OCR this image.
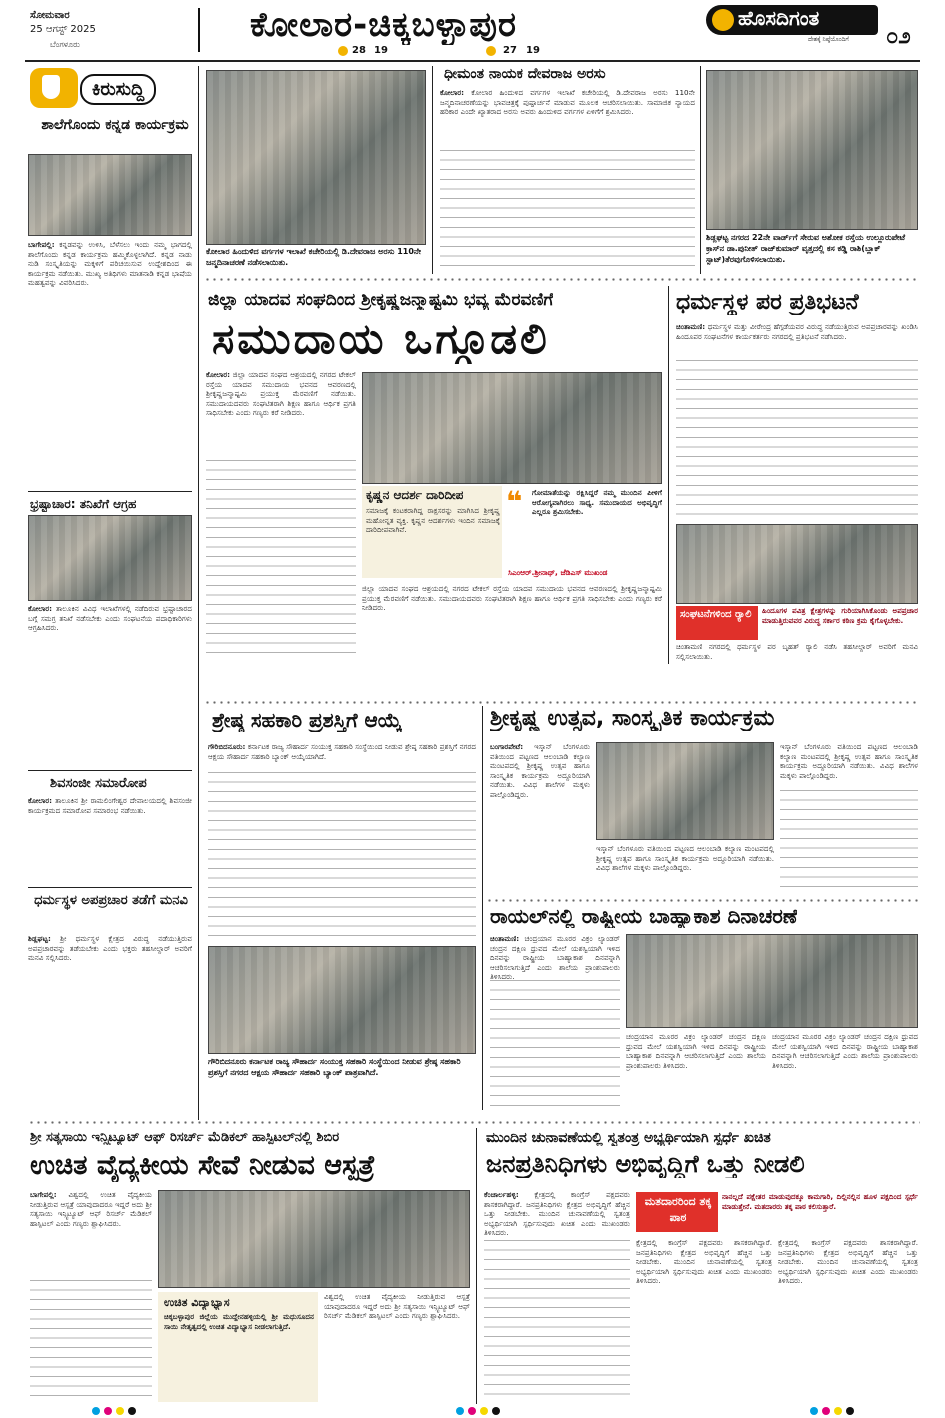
ಸೋಮವಾರ
25 ಆಗಸ್ಟ್ 2025
ಬೆಂಗಳೂರು	ಕೋಲಾರ-ಚಿಕ್ಕಬಳ್ಳಾಪುರ
28 19	27 19
ಹೊಸದಿಗಂತ
ದೇಶಕ್ಕೆ ನಿಷ್ಠೆಯೊಂದಿಗೆ ೦೨
ಕಿರುಸುದ್ದಿ
ಶಾಲೆಗೊಂದು ಕನ್ನಡ ಕಾರ್ಯಕ್ರಮ
ಬಾಗೇಪಲ್ಲಿ: ಕನ್ನಡವನ್ನು ಉಳಿಸಿ, ಬೆಳೆಸಲು ಇಂದು ನಮ್ಮ ಭಾಗದಲ್ಲಿ ಶಾಲೆಗೊಂದು ಕನ್ನಡ ಕಾರ್ಯಕ್ರಮ ಹಮ್ಮಿಕೊಳ್ಳಲಾಗಿದೆ. ಕನ್ನಡ ನಾಡು ನುಡಿ ಸಂಸ್ಕೃತಿಯನ್ನು ಮಕ್ಕಳಿಗೆ ಪರಿಚಯಿಸುವ ಉದ್ದೇಶದಿಂದ ಈ ಕಾರ್ಯಕ್ರಮ ನಡೆಯಿತು. ಮುಖ್ಯ ಅತಿಥಿಗಳು ಮಾತನಾಡಿ ಕನ್ನಡ ಭಾಷೆಯ ಮಹತ್ವವನ್ನು ವಿವರಿಸಿದರು.
ಭ್ರಷ್ಟಾಚಾರ: ತನಿಖೆಗೆ ಆಗ್ರಹ
ಕೋಲಾರ: ತಾಲೂಕಿನ ವಿವಿಧ ಇಲಾಖೆಗಳಲ್ಲಿ ನಡೆದಿರುವ ಭ್ರಷ್ಟಾಚಾರದ ಬಗ್ಗೆ ಸಮಗ್ರ ತನಿಖೆ ನಡೆಸಬೇಕು ಎಂದು ಸಂಘಟನೆಯ ಪದಾಧಿಕಾರಿಗಳು ಆಗ್ರಹಿಸಿದರು.
ಶಿವಸಂಜೀ ಸಮಾರೋಪ
ಕೋಲಾರ: ತಾಲೂಕಿನ ಶ್ರೀ ರಾಮಲಿಂಗೇಶ್ವರ ದೇವಾಲಯದಲ್ಲಿ ಶಿವಸಂಜೀ ಕಾರ್ಯಕ್ರಮದ ಸಮಾರೋಪ ಸಮಾರಂಭ ನಡೆಯಿತು.
ಧರ್ಮಸ್ಥಳ ಅಪಪ್ರಚಾರ ತಡೆಗೆ ಮನವಿ
ಶಿಡ್ಲಘಟ್ಟ: ಶ್ರೀ ಧರ್ಮಸ್ಥಳ ಕ್ಷೇತ್ರದ ವಿರುದ್ಧ ನಡೆಯುತ್ತಿರುವ ಅಪಪ್ರಚಾರವನ್ನು ತಡೆಯಬೇಕು ಎಂದು ಭಕ್ತರು ತಹಸೀಲ್ದಾರ್ ಅವರಿಗೆ ಮನವಿ ಸಲ್ಲಿಸಿದರು.
ಕೋಲಾರ ಹಿಂದುಳಿದ ವರ್ಗಗಳ ಇಲಾಖೆ ಕಚೇರಿಯಲ್ಲಿ ಡಿ.ದೇವರಾಜ ಅರಸು 110ನೇ ಜನ್ಮದಿನಾಚರಣೆ ನಡೆಸಲಾಯಿತು.
ಧೀಮಂತ ನಾಯಕ ದೇವರಾಜ ಅರಸು
ಕೋಲಾರ: ಕೋಲಾರ ಹಿಂದುಳಿದ ವರ್ಗಗಳ ಇಲಾಖೆ ಕಚೇರಿಯಲ್ಲಿ ಡಿ.ದೇವರಾಜ ಅರಸು 110ನೇ ಜನ್ಮದಿನಾಚರಣೆಯನ್ನು ಭಾವಚಿತ್ರಕ್ಕೆ ಪುಷ್ಪಾರ್ಚನೆ ಮಾಡುವ ಮೂಲಕ ಆಚರಿಸಲಾಯಿತು. ಸಾಮಾಜಿಕ ನ್ಯಾಯದ ಹರಿಕಾರ ಎಂದೇ ಖ್ಯಾತರಾದ ಅರಸು ಅವರು ಹಿಂದುಳಿದ ವರ್ಗಗಳ ಏಳಿಗೆಗೆ ಶ್ರಮಿಸಿದರು.
ಶಿಡ್ಲಘಟ್ಟ ನಗರದ 22ನೇ ವಾರ್ಡ್‌ಗೆ ಸೇರುವ ಅಶೋಕ ರಸ್ತೆಯ ಉಲ್ಲೂರುಪೇಟೆ ಕ್ರಾಸ್‌ನ ಡಾ.ಪುನೀತ್ ರಾಜ್‌ಕುಮಾರ್ ವೃತ್ತದಲ್ಲಿ ಕಸ ಕಡ್ಡಿ ರಾಶಿ(ಬ್ಲಾಕ್ ಸ್ಪಾಟ್)ತೆರವುಗೊಳಿಸಲಾಯಿತು.
ಜಿಲ್ಲಾ ಯಾದವ ಸಂಘದಿಂದ ಶ್ರೀಕೃಷ್ಣಜನ್ಮಾಷ್ಟಮಿ ಭವ್ಯ ಮೆರವಣಿಗೆ
ಸಮುದಾಯ ಒಗ್ಗೂಡಲಿ
ಕೋಲಾರ: ಜಿಲ್ಲಾ ಯಾದವ ಸಂಘದ ಆಶ್ರಯದಲ್ಲಿ ನಗರದ ಟೇಕಲ್ ರಸ್ತೆಯ ಯಾದವ ಸಮುದಾಯ ಭವನದ ಆವರಣದಲ್ಲಿ ಶ್ರೀಕೃಷ್ಣಜನ್ಮಾಷ್ಟಮಿ ಪ್ರಯುಕ್ತ ಮೆರವಣಿಗೆ ನಡೆಯಿತು. ಸಮುದಾಯದವರು ಸಂಘಟಿತರಾಗಿ ಶಿಕ್ಷಣ ಹಾಗೂ ಆರ್ಥಿಕ ಪ್ರಗತಿ ಸಾಧಿಸಬೇಕು ಎಂದು ಗಣ್ಯರು ಕರೆ ನೀಡಿದರು.
ಕೃಷ್ಣನ ಆದರ್ಶ ದಾರಿದೀಪ
ಸಮಾಜಕ್ಕೆ ಕಂಟಕರಾಗಿದ್ದ ರಾಕ್ಷಸರನ್ನು ಮಾಗಿಸಿದ ಶ್ರೀಕೃಷ್ಣ ಮಹೋನ್ನತ ವ್ಯಕ್ತಿ. ಕೃಷ್ಣನ ಆದರ್ಶಗಳು ಇಂದಿನ ಸಮಾಜಕ್ಕೆ ದಾರಿದೀಪವಾಗಿವೆ.
❝ ಗೋಮಾತೆಯನ್ನು ರಕ್ಷಿಸಿದ್ದರೆ ನಮ್ಮ ಮುಂದಿನ ಪೀಳಿಗೆ ಆರೋಗ್ಯವಾಗಿರಲು ಸಾಧ್ಯ. ಸಮುದಾಯದ ಅಭಿವೃದ್ಧಿಗೆ ಎಲ್ಲರೂ ಶ್ರಮಿಸಬೇಕು.
ಸಿಎಂಆರ್.ಶ್ರೀನಾಥ್, ಜೆಡಿಎಸ್ ಮುಖಂಡ
ಜಿಲ್ಲಾ ಯಾದವ ಸಂಘದ ಆಶ್ರಯದಲ್ಲಿ ನಗರದ ಟೇಕಲ್ ರಸ್ತೆಯ ಯಾದವ ಸಮುದಾಯ ಭವನದ ಆವರಣದಲ್ಲಿ ಶ್ರೀಕೃಷ್ಣಜನ್ಮಾಷ್ಟಮಿ ಪ್ರಯುಕ್ತ ಮೆರವಣಿಗೆ ನಡೆಯಿತು. ಸಮುದಾಯದವರು ಸಂಘಟಿತರಾಗಿ ಶಿಕ್ಷಣ ಹಾಗೂ ಆರ್ಥಿಕ ಪ್ರಗತಿ ಸಾಧಿಸಬೇಕು ಎಂದು ಗಣ್ಯರು ಕರೆ ನೀಡಿದರು.
ಧರ್ಮಸ್ಥಳ ಪರ ಪ್ರತಿಭಟನೆ
ಚಿಂತಾಮಣಿ: ಧರ್ಮಸ್ಥಳ ಮತ್ತು ವೀರೇಂದ್ರ ಹೆಗ್ಗಡೆಯವರ ವಿರುದ್ಧ ನಡೆಯುತ್ತಿರುವ ಅಪಪ್ರಚಾರವನ್ನು ಖಂಡಿಸಿ ಹಿಂದೂಪರ ಸಂಘಟನೆಗಳ ಕಾರ್ಯಕರ್ತರು ನಗರದಲ್ಲಿ ಪ್ರತಿಭಟನೆ ನಡೆಸಿದರು.
ಸಂಘಟನೆಗಳಿಂದ ರ್‍ಯಾಲಿ	ಹಿಂದೂಗಳ ಪವಿತ್ರ ಕ್ಷೇತ್ರಗಳನ್ನು ಗುರಿಯಾಗಿಸಿಕೊಂಡು ಅಪಪ್ರಚಾರ ಮಾಡುತ್ತಿರುವವರ ವಿರುದ್ಧ ಸರ್ಕಾರ ಕಠಿಣ ಕ್ರಮ ಕೈಗೊಳ್ಳಬೇಕು.
ಚಿಂತಾಮಣಿ ನಗರದಲ್ಲಿ ಧರ್ಮಸ್ಥಳ ಪರ ಬೃಹತ್ ರ್‍ಯಾಲಿ ನಡೆಸಿ ತಹಸೀಲ್ದಾರ್ ಅವರಿಗೆ ಮನವಿ ಸಲ್ಲಿಸಲಾಯಿತು.
ಶ್ರೇಷ್ಠ ಸಹಕಾರಿ ಪ್ರಶಸ್ತಿಗೆ ಆಯ್ಕೆ
ಗೌರಿಬಿದನೂರು: ಕರ್ನಾಟಕ ರಾಜ್ಯ ಸೌಹಾರ್ದ ಸಂಯುಕ್ತ ಸಹಕಾರಿ ಸಂಸ್ಥೆಯಿಂದ ನೀಡುವ ಶ್ರೇಷ್ಠ ಸಹಕಾರಿ ಪ್ರಶಸ್ತಿಗೆ ನಗರದ ಆಕ್ಷಯ ಸೌಹಾರ್ದ ಸಹಕಾರಿ ಬ್ಯಾಂಕ್ ಆಯ್ಕೆಯಾಗಿದೆ.
ಗೌರಿಬಿದನೂರು ಕರ್ನಾಟಕ ರಾಜ್ಯ ಸೌಹಾರ್ದ ಸಂಯುಕ್ತ ಸಹಕಾರಿ ಸಂಸ್ಥೆಯಿಂದ ನೀಡುವ ಶ್ರೇಷ್ಠ ಸಹಕಾರಿ ಪ್ರಶಸ್ತಿಗೆ ನಗರದ ಆಕ್ಷಯ ಸೌಹಾರ್ದ ಸಹಕಾರಿ ಬ್ಯಾಂಕ್ ಪಾತ್ರವಾಗಿದೆ.
ಶ್ರೀಕೃಷ್ಣ ಉತ್ಸವ, ಸಾಂಸ್ಕೃತಿಕ ಕಾರ್ಯಕ್ರಮ
ಬಂಗಾರಪೇಟೆ: ಇಸ್ಕಾನ್ ಬೆಂಗಳೂರು ವತಿಯಿಂದ ಪಟ್ಟಣದ ಆಲಂಬಾಡಿ ಕಲ್ಯಾಣ ಮಂಟಪದಲ್ಲಿ ಶ್ರೀಕೃಷ್ಣ ಉತ್ಸವ ಹಾಗೂ ಸಾಂಸ್ಕೃತಿಕ ಕಾರ್ಯಕ್ರಮ ಅದ್ದೂರಿಯಾಗಿ ನಡೆಯಿತು. ವಿವಿಧ ಶಾಲೆಗಳ ಮಕ್ಕಳು ಪಾಲ್ಗೊಂಡಿದ್ದರು.
ಇಸ್ಕಾನ್ ಬೆಂಗಳೂರು ವತಿಯಿಂದ ಪಟ್ಟಣದ ಆಲಂಬಾಡಿ ಕಲ್ಯಾಣ ಮಂಟಪದಲ್ಲಿ ಶ್ರೀಕೃಷ್ಣ ಉತ್ಸವ ಹಾಗೂ ಸಾಂಸ್ಕೃತಿಕ ಕಾರ್ಯಕ್ರಮ ಅದ್ದೂರಿಯಾಗಿ ನಡೆಯಿತು. ವಿವಿಧ ಶಾಲೆಗಳ ಮಕ್ಕಳು ಪಾಲ್ಗೊಂಡಿದ್ದರು.
ಇಸ್ಕಾನ್ ಬೆಂಗಳೂರು ವತಿಯಿಂದ ಪಟ್ಟಣದ ಆಲಂಬಾಡಿ ಕಲ್ಯಾಣ ಮಂಟಪದಲ್ಲಿ ಶ್ರೀಕೃಷ್ಣ ಉತ್ಸವ ಹಾಗೂ ಸಾಂಸ್ಕೃತಿಕ ಕಾರ್ಯಕ್ರಮ ಅದ್ದೂರಿಯಾಗಿ ನಡೆಯಿತು. ವಿವಿಧ ಶಾಲೆಗಳ ಮಕ್ಕಳು ಪಾಲ್ಗೊಂಡಿದ್ದರು.
ರಾಯಲ್‌ನಲ್ಲಿ ರಾಷ್ಟ್ರೀಯ ಬಾಹ್ಯಾಕಾಶ ದಿನಾಚರಣೆ
ಚಿಂತಾಮಣಿ: ಚಂದ್ರಯಾನ ಮೂರರ ವಿಕ್ರಂ ಲ್ಯಾಂಡರ್ ಚಂದ್ರನ ದಕ್ಷಿಣ ಧ್ರುವದ ಮೇಲೆ ಯಶಸ್ವಿಯಾಗಿ ಇಳಿದ ದಿನವನ್ನು ರಾಷ್ಟ್ರೀಯ ಬಾಹ್ಯಾಕಾಶ ದಿನವನ್ನಾಗಿ ಆಚರಿಸಲಾಗುತ್ತಿದೆ ಎಂದು ಶಾಲೆಯ ಪ್ರಾಂಶುಪಾಲರು ತಿಳಿಸಿದರು.
ಚಂದ್ರಯಾನ ಮೂರರ ವಿಕ್ರಂ ಲ್ಯಾಂಡರ್ ಚಂದ್ರನ ದಕ್ಷಿಣ ಧ್ರುವದ ಮೇಲೆ ಯಶಸ್ವಿಯಾಗಿ ಇಳಿದ ದಿನವನ್ನು ರಾಷ್ಟ್ರೀಯ ಬಾಹ್ಯಾಕಾಶ ದಿನವನ್ನಾಗಿ ಆಚರಿಸಲಾಗುತ್ತಿದೆ ಎಂದು ಶಾಲೆಯ ಪ್ರಾಂಶುಪಾಲರು ತಿಳಿಸಿದರು.
ಚಂದ್ರಯಾನ ಮೂರರ ವಿಕ್ರಂ ಲ್ಯಾಂಡರ್ ಚಂದ್ರನ ದಕ್ಷಿಣ ಧ್ರುವದ ಮೇಲೆ ಯಶಸ್ವಿಯಾಗಿ ಇಳಿದ ದಿನವನ್ನು ರಾಷ್ಟ್ರೀಯ ಬಾಹ್ಯಾಕಾಶ ದಿನವನ್ನಾಗಿ ಆಚರಿಸಲಾಗುತ್ತಿದೆ ಎಂದು ಶಾಲೆಯ ಪ್ರಾಂಶುಪಾಲರು ತಿಳಿಸಿದರು.
ಶ್ರೀ ಸತ್ಯಸಾಯಿ ಇನ್ಸ್ಟಿಟ್ಯೂಟ್ ಆಫ್ ರಿಸರ್ಚ್ ಮೆಡಿಕಲ್ ಹಾಸ್ಪಿಟಲ್‌ನಲ್ಲಿ ಶಿಬಿರ
ಉಚಿತ ವೈದ್ಯಕೀಯ ಸೇವೆ ನೀಡುವ ಆಸ್ಪತ್ರೆ
ಬಾಗೇಪಲ್ಲಿ: ವಿಶ್ವದಲ್ಲಿ ಉಚಿತ ವೈದ್ಯಕೀಯ ನೀಡುತ್ತಿರುವ ಆಸ್ಪತ್ರೆ ಯಾವುದಾದರೂ ಇದ್ದರೆ ಅದು ಶ್ರೀ ಸತ್ಯಸಾಯಿ ಇನ್ಸ್ಟಿಟ್ಯೂಟ್ ಆಫ್ ರಿಸರ್ಚ್ ಮೆಡಿಕಲ್ ಹಾಸ್ಪಿಟಲ್ ಎಂದು ಗಣ್ಯರು ಶ್ಲಾಘಿಸಿದರು.
ಉಚಿತ ವಿದ್ಯಾಭ್ಯಾಸ
ಚಿಕ್ಕಬಳ್ಳಾಪುರ ಜಿಲ್ಲೆಯ ಮುದ್ದೇನಹಳ್ಳಿಯಲ್ಲಿ ಶ್ರೀ ಮಧುಸೂದನ ಸಾಯಿ ನೇತೃತ್ವದಲ್ಲಿ ಉಚಿತ ವಿದ್ಯಾಭ್ಯಾಸ ನೀಡಲಾಗುತ್ತಿದೆ.
ವಿಶ್ವದಲ್ಲಿ ಉಚಿತ ವೈದ್ಯಕೀಯ ನೀಡುತ್ತಿರುವ ಆಸ್ಪತ್ರೆ ಯಾವುದಾದರೂ ಇದ್ದರೆ ಅದು ಶ್ರೀ ಸತ್ಯಸಾಯಿ ಇನ್ಸ್ಟಿಟ್ಯೂಟ್ ಆಫ್ ರಿಸರ್ಚ್ ಮೆಡಿಕಲ್ ಹಾಸ್ಪಿಟಲ್ ಎಂದು ಗಣ್ಯರು ಶ್ಲಾಘಿಸಿದರು.
ಮುಂದಿನ ಚುನಾವಣೆಯಲ್ಲಿ ಸ್ವತಂತ್ರ ಅಭ್ಯರ್ಥಿಯಾಗಿ ಸ್ಪರ್ಧೆ ಖಚಿತ
ಜನಪ್ರತಿನಿಧಿಗಳು ಅಭಿವೃದ್ಧಿಗೆ ಒತ್ತು ನೀಡಲಿ
ಕೆಂಚಾರ್ಲಹಳ್ಳಿ: ಕ್ಷೇತ್ರದಲ್ಲಿ ಕಾಂಗ್ರೆಸ್ ಪಕ್ಷದವರು ಶಾಸಕರಾಗಿದ್ದಾರೆ. ಜನಪ್ರತಿನಿಧಿಗಳು ಕ್ಷೇತ್ರದ ಅಭಿವೃದ್ಧಿಗೆ ಹೆಚ್ಚಿನ ಒತ್ತು ನೀಡಬೇಕು. ಮುಂದಿನ ಚುನಾವಣೆಯಲ್ಲಿ ಸ್ವತಂತ್ರ ಅಭ್ಯರ್ಥಿಯಾಗಿ ಸ್ಪರ್ಧಿಸುವುದು ಖಚಿತ ಎಂದು ಮುಖಂಡರು ತಿಳಿಸಿದರು.
ಮತದಾರರಿಂದ ತಕ್ಕ ಪಾಠ
ನಾನಲ್ಲದೆ ಪಕ್ಷೇತರ ಮಾಡುವುದಕ್ಕೂ ಕಾಮಗಾರಿ, ದಿಲ್ಲಿನಲ್ಲಿನ ಹೂಳ ಪಕ್ಷದಿಂದ ಸ್ಪರ್ಧೆ ಮಾಡುತ್ತೇನೆ. ಮತದಾರರು ತಕ್ಕ ಪಾಠ ಕಲಿಸುತ್ತಾರೆ.
ಕ್ಷೇತ್ರದಲ್ಲಿ ಕಾಂಗ್ರೆಸ್ ಪಕ್ಷದವರು ಶಾಸಕರಾಗಿದ್ದಾರೆ. ಜನಪ್ರತಿನಿಧಿಗಳು ಕ್ಷೇತ್ರದ ಅಭಿವೃದ್ಧಿಗೆ ಹೆಚ್ಚಿನ ಒತ್ತು ನೀಡಬೇಕು. ಮುಂದಿನ ಚುನಾವಣೆಯಲ್ಲಿ ಸ್ವತಂತ್ರ ಅಭ್ಯರ್ಥಿಯಾಗಿ ಸ್ಪರ್ಧಿಸುವುದು ಖಚಿತ ಎಂದು ಮುಖಂಡರು ತಿಳಿಸಿದರು.
ಕ್ಷೇತ್ರದಲ್ಲಿ ಕಾಂಗ್ರೆಸ್ ಪಕ್ಷದವರು ಶಾಸಕರಾಗಿದ್ದಾರೆ. ಜನಪ್ರತಿನಿಧಿಗಳು ಕ್ಷೇತ್ರದ ಅಭಿವೃದ್ಧಿಗೆ ಹೆಚ್ಚಿನ ಒತ್ತು ನೀಡಬೇಕು. ಮುಂದಿನ ಚುನಾವಣೆಯಲ್ಲಿ ಸ್ವತಂತ್ರ ಅಭ್ಯರ್ಥಿಯಾಗಿ ಸ್ಪರ್ಧಿಸುವುದು ಖಚಿತ ಎಂದು ಮುಖಂಡರು ತಿಳಿಸಿದರು.
